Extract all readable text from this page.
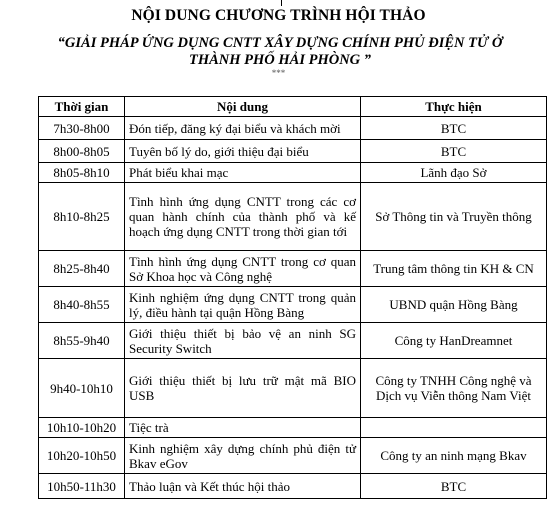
NỘI DUNG CHƯƠNG TRÌNH HỘI THẢO
“GIẢI PHÁP ỨNG DỤNG CNTT XÂY DỰNG CHÍNH PHỦ ĐIỆN TỬ Ở
THÀNH PHỐ HẢI PHÒNG ”
***
Thời gian	Nội dung	Thực hiện
7h30-8h00	Đón tiếp, đăng ký đại biểu và khách mời	BTC
8h00-8h05	Tuyên bố lý do, giới thiệu đại biểu	BTC
8h05-8h10	Phát biểu khai mạc	Lãnh đạo Sở
8h10-8h25	Tình hình ứng dụng CNTT trong các cơ quan hành chính của thành phố và kế hoạch ứng dụng CNTT trong thời gian tới	Sở Thông tin và Truyền thông
8h25-8h40	Tình hình ứng dụng CNTT trong cơ quan Sở Khoa học và Công nghệ	Trung tâm thông tin KH & CN
8h40-8h55	Kinh nghiệm ứng dụng CNTT trong quản lý, điều hành tại quận Hồng Bàng	UBND quận Hồng Bàng
8h55-9h40	Giới thiệu thiết bị bảo vệ an ninh SG Security Switch	Công ty HanDreamnet
9h40-10h10	Giới thiệu thiết bị lưu trữ mật mã BIO USB	Công ty TNHH Công nghệ và Dịch vụ Viễn thông Nam Việt
10h10-10h20	Tiệc trà	
10h20-10h50	Kinh nghiệm xây dựng chính phủ điện tử Bkav eGov	Công ty an ninh mạng Bkav
10h50-11h30	Thảo luận và Kết thúc hội thảo	BTC
